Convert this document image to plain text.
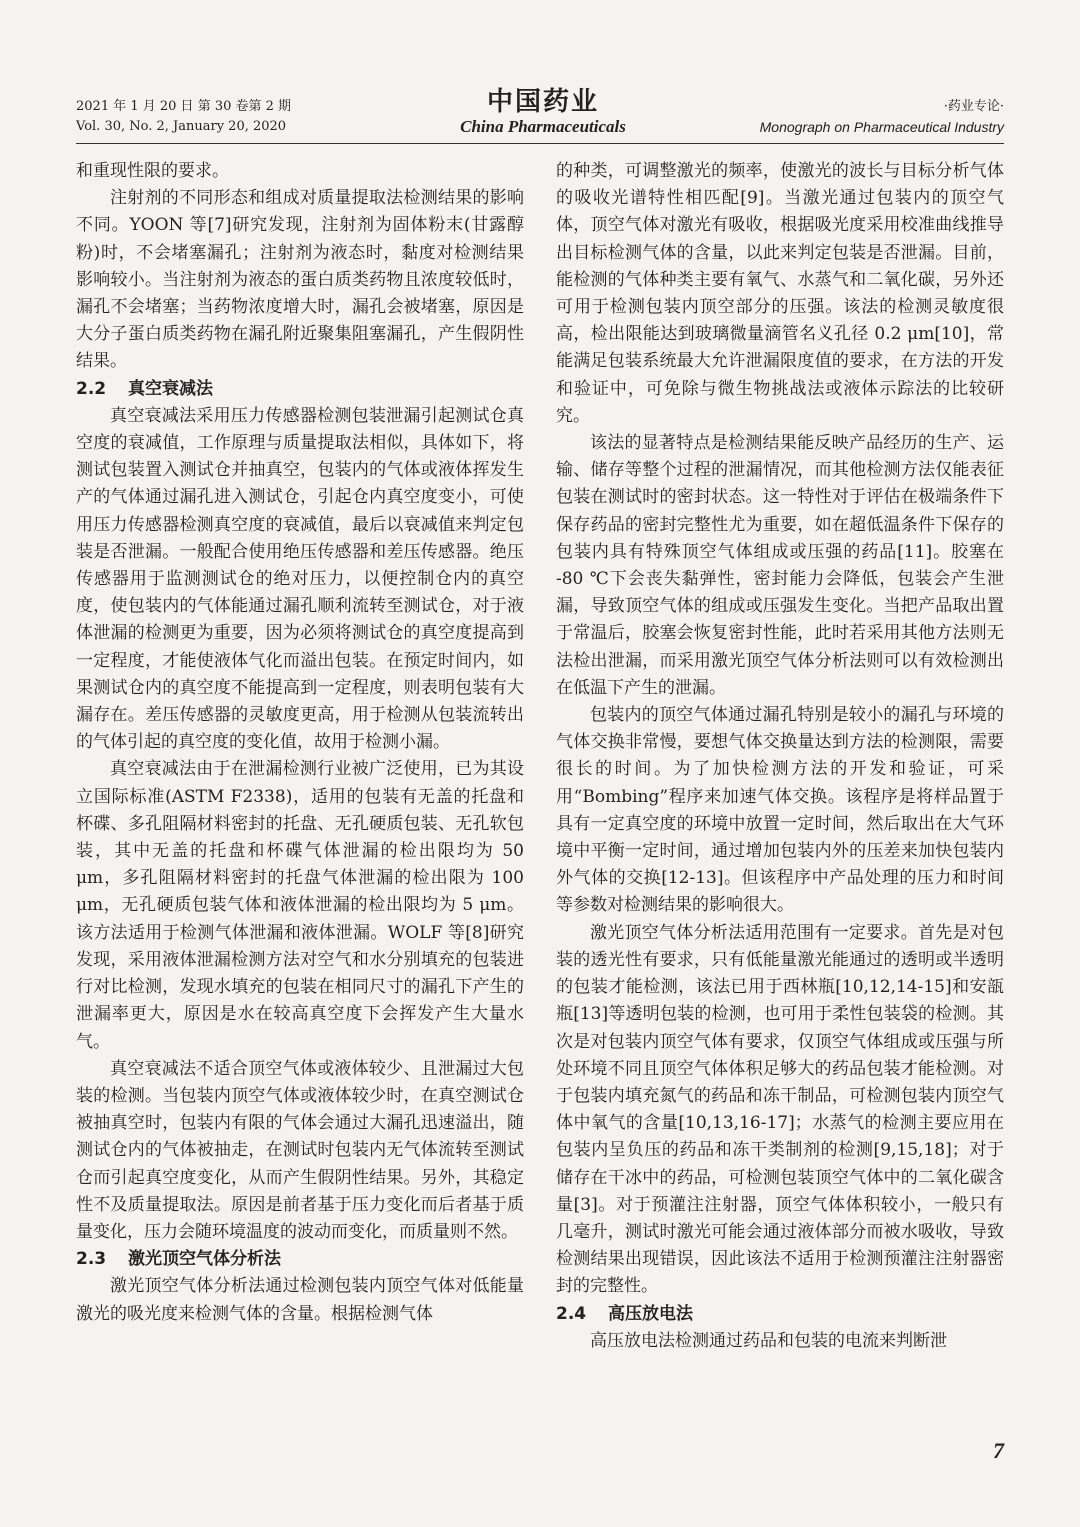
2021 年 1 月 20 日 第 30 卷第 2 期
Vol. 30, No. 2, January 20, 2020
中国药业
China Pharmaceuticals
·药业专论·
Monograph on Pharmaceutical Industry

和重现性限的要求。

注射剂的不同形态和组成对质量提取法检测结果的影响不同。YOON 等[7]研究发现，注射剂为固体粉末(甘露醇粉)时，不会堵塞漏孔；注射剂为液态时，黏度对检测结果影响较小。当注射剂为液态的蛋白质类药物且浓度较低时，漏孔不会堵塞；当药物浓度增大时，漏孔会被堵塞，原因是大分子蛋白质类药物在漏孔附近聚集阻塞漏孔，产生假阴性结果。

2.2 真空衰减法

真空衰减法采用压力传感器检测包装泄漏引起测试仓真空度的衰减值，工作原理与质量提取法相似，具体如下，将测试包装置入测试仓并抽真空，包装内的气体或液体挥发生产的气体通过漏孔进入测试仓，引起仓内真空度变小，可使用压力传感器检测真空度的衰减值，最后以衰减值来判定包装是否泄漏。一般配合使用绝压传感器和差压传感器。绝压传感器用于监测测试仓的绝对压力，以便控制仓内的真空度，使包装内的气体能通过漏孔顺利流转至测试仓，对于液体泄漏的检测更为重要，因为必须将测试仓的真空度提高到一定程度，才能使液体气化而溢出包装。在预定时间内，如果测试仓内的真空度不能提高到一定程度，则表明包装有大漏存在。差压传感器的灵敏度更高，用于检测从包装流转出的气体引起的真空度的变化值，故用于检测小漏。

真空衰减法由于在泄漏检测行业被广泛使用，已为其设立国际标准(ASTM F2338)，适用的包装有无盖的托盘和杯碟、多孔阻隔材料密封的托盘、无孔硬质包装、无孔软包装，其中无盖的托盘和杯碟气体泄漏的检出限均为 50 μm，多孔阻隔材料密封的托盘气体泄漏的检出限为 100 μm，无孔硬质包装气体和液体泄漏的检出限均为 5 μm。该方法适用于检测气体泄漏和液体泄漏。WOLF 等[8]研究发现，采用液体泄漏检测方法对空气和水分别填充的包装进行对比检测，发现水填充的包装在相同尺寸的漏孔下产生的泄漏率更大，原因是水在较高真空度下会挥发产生大量水气。

真空衰减法不适合顶空气体或液体较少、且泄漏过大包装的检测。当包装内顶空气体或液体较少时，在真空测试仓被抽真空时，包装内有限的气体会通过大漏孔迅速溢出，随测试仓内的气体被抽走，在测试时包装内无气体流转至测试仓而引起真空度变化，从而产生假阴性结果。另外，其稳定性不及质量提取法。原因是前者基于压力变化而后者基于质量变化，压力会随环境温度的波动而变化，而质量则不然。

2.3 激光顶空气体分析法

激光顶空气体分析法通过检测包装内顶空气体对低能量激光的吸光度来检测气体的含量。根据检测气体

的种类，可调整激光的频率，使激光的波长与目标分析气体的吸收光谱特性相匹配[9]。当激光通过包装内的顶空气体，顶空气体对激光有吸收，根据吸光度采用校准曲线推导出目标检测气体的含量，以此来判定包装是否泄漏。目前，能检测的气体种类主要有氧气、水蒸气和二氧化碳，另外还可用于检测包装内顶空部分的压强。该法的检测灵敏度很高，检出限能达到玻璃微量滴管名义孔径 0.2 μm[10]，常能满足包装系统最大允许泄漏限度值的要求，在方法的开发和验证中，可免除与微生物挑战法或液体示踪法的比较研究。

该法的显著特点是检测结果能反映产品经历的生产、运输、储存等整个过程的泄漏情况，而其他检测方法仅能表征包装在测试时的密封状态。这一特性对于评估在极端条件下保存药品的密封完整性尤为重要，如在超低温条件下保存的包装内具有特殊顶空气体组成或压强的药品[11]。胶塞在 -80 ℃下会丧失黏弹性，密封能力会降低，包装会产生泄漏，导致顶空气体的组成或压强发生变化。当把产品取出置于常温后，胶塞会恢复密封性能，此时若采用其他方法则无法检出泄漏，而采用激光顶空气体分析法则可以有效检测出在低温下产生的泄漏。

包装内的顶空气体通过漏孔特别是较小的漏孔与环境的气体交换非常慢，要想气体交换量达到方法的检测限，需要很长的时间。为了加快检测方法的开发和验证，可采用“Bombing”程序来加速气体交换。该程序是将样品置于具有一定真空度的环境中放置一定时间，然后取出在大气环境中平衡一定时间，通过增加包装内外的压差来加快包装内外气体的交换[12-13]。但该程序中产品处理的压力和时间等参数对检测结果的影响很大。

激光顶空气体分析法适用范围有一定要求。首先是对包装的透光性有要求，只有低能量激光能通过的透明或半透明的包装才能检测，该法已用于西林瓶[10,12,14-15]和安瓿瓶[13]等透明包装的检测，也可用于柔性包装袋的检测。其次是对包装内顶空气体有要求，仅顶空气体组成或压强与所处环境不同且顶空气体体积足够大的药品包装才能检测。对于包装内填充氮气的药品和冻干制品，可检测包装内顶空气体中氧气的含量[10,13,16-17]；水蒸气的检测主要应用在包装内呈负压的药品和冻干类制剂的检测[9,15,18]；对于储存在干冰中的药品，可检测包装顶空气体中的二氧化碳含量[3]。对于预灌注注射器，顶空气体体积较小，一般只有几毫升，测试时激光可能会通过液体部分而被水吸收，导致检测结果出现错误，因此该法不适用于检测预灌注注射器密封的完整性。

2.4 高压放电法

高压放电法检测通过药品和包装的电流来判断泄

7
